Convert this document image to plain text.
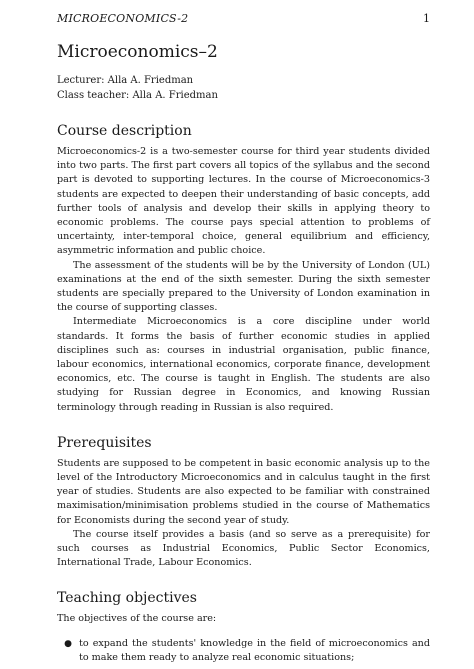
MICROECONOMICS-2	1
Microeconomics–2
Lecturer: Alla A. Friedman
Class teacher: Alla A. Friedman
Course description

Microeconomics-2 is a two-semester course for third year students divided into two parts. The first part covers all topics of the syllabus and the second part is devoted to supporting lectures. In the course of Microeconomics-3 students are expected to deepen their understanding of basic concepts, add further tools of analysis and develop their skills in applying theory to economic problems. The course pays special attention to problems of uncertainty, inter-temporal choice, general equilibrium and efficiency, asymmetric information and public choice.

The assessment of the students will be by the University of London (UL) examinations at the end of the sixth semester. During the sixth semester students are specially prepared to the University of London examination in the course of supporting classes.

Intermediate Microeconomics is a core discipline under world standards. It forms the basis of further economic studies in applied disciplines such as: courses in industrial organisation, public finance, labour economics, international economics, corporate finance, development economics, etc. The course is taught in English. The students are also studying for Russian degree in Economics, and knowing Russian terminology through reading in Russian is also required.

Prerequisites

Students are supposed to be competent in basic economic analysis up to the level of the Introductory Microeconomics and in calculus taught in the first year of studies. Students are also expected to be familiar with constrained maximisation/minimisation problems studied in the course of Mathematics for Economists during the second year of study.

The course itself provides a basis (and so serve as a prerequisite) for such courses as Industrial Economics, Public Sector Economics, International Trade, Labour Economics.

Teaching objectives

The objectives of the course are:

● to expand the students' knowledge in the field of microeconomics and to make them ready to analyze real economic situations;
